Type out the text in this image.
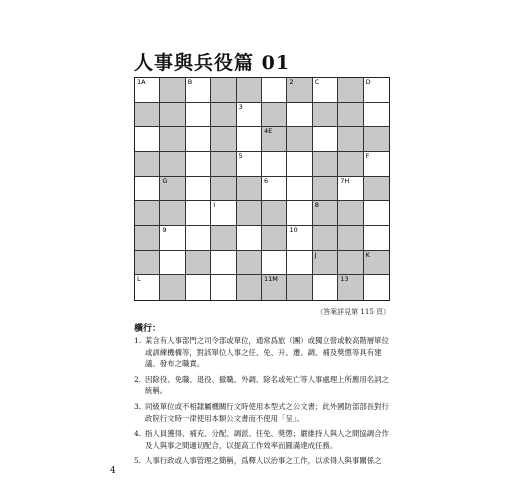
人事與兵役篇 01
1A	B	2	C	D
3
4E
5	F
G	6	7H
I	8
9	10
J	K
L	11M	13
（答案詳見第 115 頁）
橫行：
1. 某含有人事部門之司令部或單位，通常爲旅（團）或獨立營或較高階層單位或訓練機構等，對該單位人事之任、免、升、遷、調、補及獎懲等具有建議、發布之職責。
2. 因除役、免職、退役、撤職、外調、除名或死亡等人事處理上所應用名詞之統稱。
3. 同級單位或不相隸屬機關行文時使用本型式之公文書；此外國防部部長對行政院行文時一律使用本類公文書而不使用「呈」。
4. 指人員獲得、補充、分配、調派、任免、獎懲；嚴維持人與人之間協調合作及人與事之間適切配合，以提高工作效率而圓滿達成任務。
5. 人事行政或人事管理之簡稱，爲釋人以治事之工作，以求得人與事關係之
4
